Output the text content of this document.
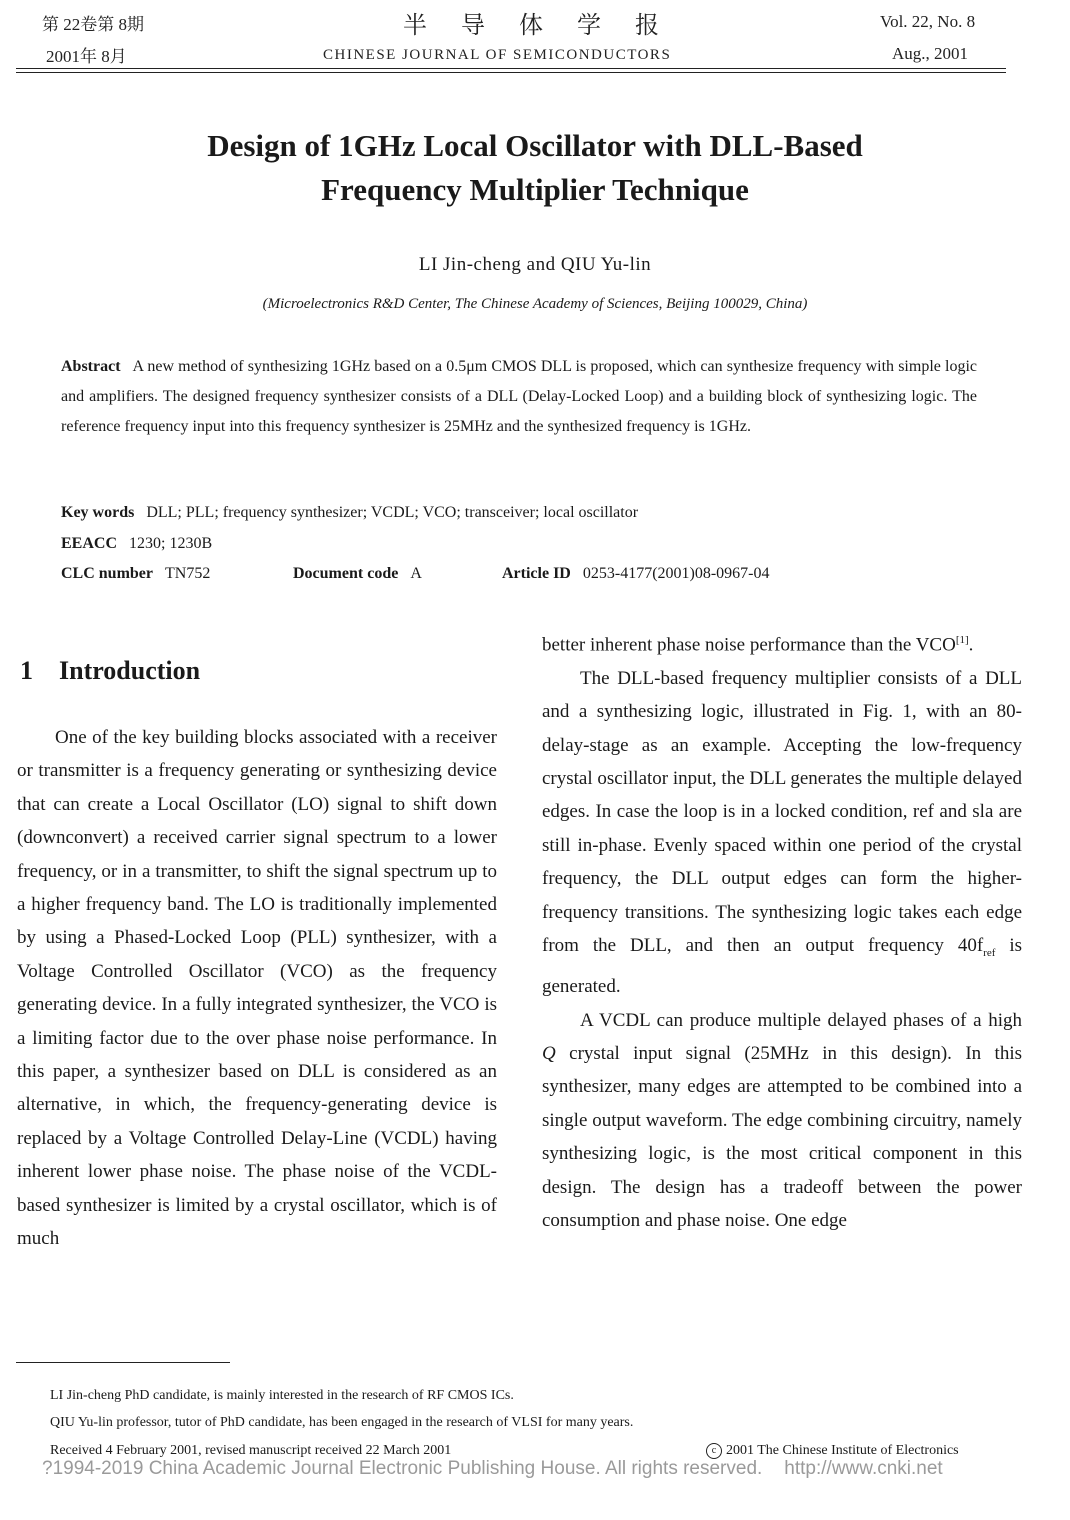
第 22卷第 8期
2001年 8月
半 导 体 学 报
CHINESE JOURNAL OF SEMICONDUCTORS
Vol. 22, No. 8
Aug., 2001
Design of 1GHz Local Oscillator with DLL-Based
Frequency Multiplier Technique
LI Jin-cheng and QIU Yu-lin
(Microelectronics R&D Center, The Chinese Academy of Sciences, Beijing 100029, China)
Abstract A new method of synthesizing 1GHz based on a 0.5μm CMOS DLL is proposed, which can synthesize frequency with simple logic and amplifiers. The designed frequency synthesizer consists of a DLL (Delay-Locked Loop) and a building block of synthesizing logic. The reference frequency input into this frequency synthesizer is 25MHz and the synthesized frequency is 1GHz.
Key words DLL; PLL; frequency synthesizer; VCDL; VCO; transceiver; local oscillator
EEACC 1230; 1230B
CLC number TN752	Document code A	Article ID 0253-4177(2001)08-0967-04
1 Introduction

One of the key building blocks associated with a receiver or transmitter is a frequency generating or synthesizing device that can create a Local Oscillator (LO) signal to shift down (downconvert) a received carrier signal spectrum to a lower frequency, or in a transmitter, to shift the signal spectrum up to a higher frequency band. The LO is traditionally implemented by using a Phased-Locked Loop (PLL) synthesizer, with a Voltage Controlled Oscillator (VCO) as the frequency generating device. In a fully integrated synthesizer, the VCO is a limiting factor due to the over phase noise performance. In this paper, a synthesizer based on DLL is considered as an alternative, in which, the frequency-generating device is replaced by a Voltage Controlled Delay-Line (VCDL) having inherent lower phase noise. The phase noise of the VCDL-based synthesizer is limited by a crystal oscillator, which is of much

better inherent phase noise performance than the VCO[1].

The DLL-based frequency multiplier consists of a DLL and a synthesizing logic, illustrated in Fig. 1, with an 80-delay-stage as an example. Accepting the low-frequency crystal oscillator input, the DLL generates the multiple delayed edges. In case the loop is in a locked condition, ref and sla are still in-phase. Evenly spaced within one period of the crystal frequency, the DLL output edges can form the higher-frequency transitions. The synthesizing logic takes each edge from the DLL, and then an output frequency $40f_{ref}$ is generated.

A VCDL can produce multiple delayed phases of a high Q crystal input signal (25MHz in this design). In this synthesizer, many edges are attempted to be combined into a single output waveform. The edge combining circuitry, namely synthesizing logic, is the most critical component in this design. The design has a tradeoff between the power consumption and phase noise. One edge

LI Jin-cheng PhD candidate, is mainly interested in the research of RF CMOS ICs.
QIU Yu-lin professor, tutor of PhD candidate, has been engaged in the research of VLSI for many years.
Received 4 February 2001, revised manuscript received 22 March 2001	c 2001 The Chinese Institute of Electronics
?1994-2019 China Academic Journal Electronic Publishing House. All rights reserved. http://www.cnki.net
